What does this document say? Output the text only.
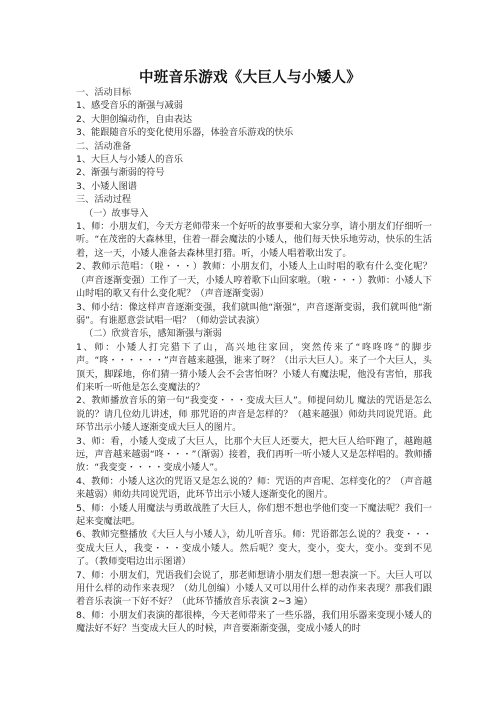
中班音乐游戏《大巨人与小矮人》

一、活动目标

1、感受音乐的渐强与减弱

2、大胆创编动作，自由表达

3、能跟随音乐的变化使用乐器，体验音乐游戏的快乐

二、活动准备

1、大巨人与小矮人的音乐

2、渐强与渐弱的符号

3、小矮人图谱

三、活动过程

（一）故事导入

1、师：小朋友们，今天方老师带来一个好听的故事要和大家分享，请小朋友们仔细听一听。“在茂密的大森林里，住着一群会魔法的小矮人，他们每天快乐地劳动，快乐的生活着，这一天，小矮人准备去森林里打猎。听，小矮人唱着歌出发了。

2、教师示范唱：（啦・・・）教师：小朋友们，小矮人上山时唱的歌有什么变化呢？（声音逐渐变强）工作了一天，小矮人哼着歌下山回家啦。（啦・・・）教师：小矮人下山时唱的歌又有什么变化呢？（声音逐渐变弱）

3、师小结：像这样声音逐渐变强，我们就叫他“渐强”，声音逐渐变弱，我们就叫他“渐弱”。有谁愿意尝试唱一唱？（师幼尝试表演）

（二）欣赏音乐，感知渐强与渐弱

1、师：小矮人打完猎下了山，高兴地往家回，突然传来了“咚咚咚”的脚步声。“咚・・・・・・”声音越来越强，谁来了呀？（出示大巨人）。来了一个大巨人，头顶天，脚踩地，你们猜一猜小矮人会不会害怕呀？小矮人有魔法呢，他没有害怕，那我们来听一听他是怎么变魔法的？

2、教师播放音乐的第一句“我变变・・・变成大巨人”。师提问幼儿 魔法的咒语是怎么说的？请几位幼儿讲述，师 那咒语的声音是怎样的？（越来越强）师幼共同说咒语。此环节出示小矮人逐渐变成大巨人的图片。

3、师：看，小矮人变成了大巨人，比那个大巨人还要大，把大巨人给吓跑了，越跑越远，声音越来越弱“咚・・・”（渐弱）接着，我们再听一听小矮人又是怎样唱的。教师播放：“我变变・・・・变成小矮人”。

4、教师：小矮人这次的咒语又是怎么说的？师：咒语的声音呢、怎样变化的？（声音越来越弱）师幼共同说咒语，此环节出示小矮人逐渐变化的图片。

5、师：小矮人用魔法与勇敢战胜了大巨人，你们想不想也学他们变一下魔法呢？我们一起来变魔法吧。

6、教师完整播放《大巨人与小矮人》，幼儿听音乐。师：咒语都怎么说的？我变・・・变成大巨人，我变・・・变成小矮人。然后呢？变大，变小，变大，变小。变到不见了。（教师变唱边出示图谱）

7、师：小朋友们，咒语我们会说了，那老师想请小朋友们想一想表演一下。大巨人可以用什么样的动作来表现？（幼儿创编）小矮人又可以用什么样的动作来表现？那我们跟着音乐表演一下好不好？（此环节播放音乐表演 2~3 遍）

8、师：小朋友们表演的都很棒，今天老师带来了一些乐器，我们用乐器来变现小矮人的魔法好不好？当变成大巨人的时候，声音要渐渐变强，变成小矮人的时
